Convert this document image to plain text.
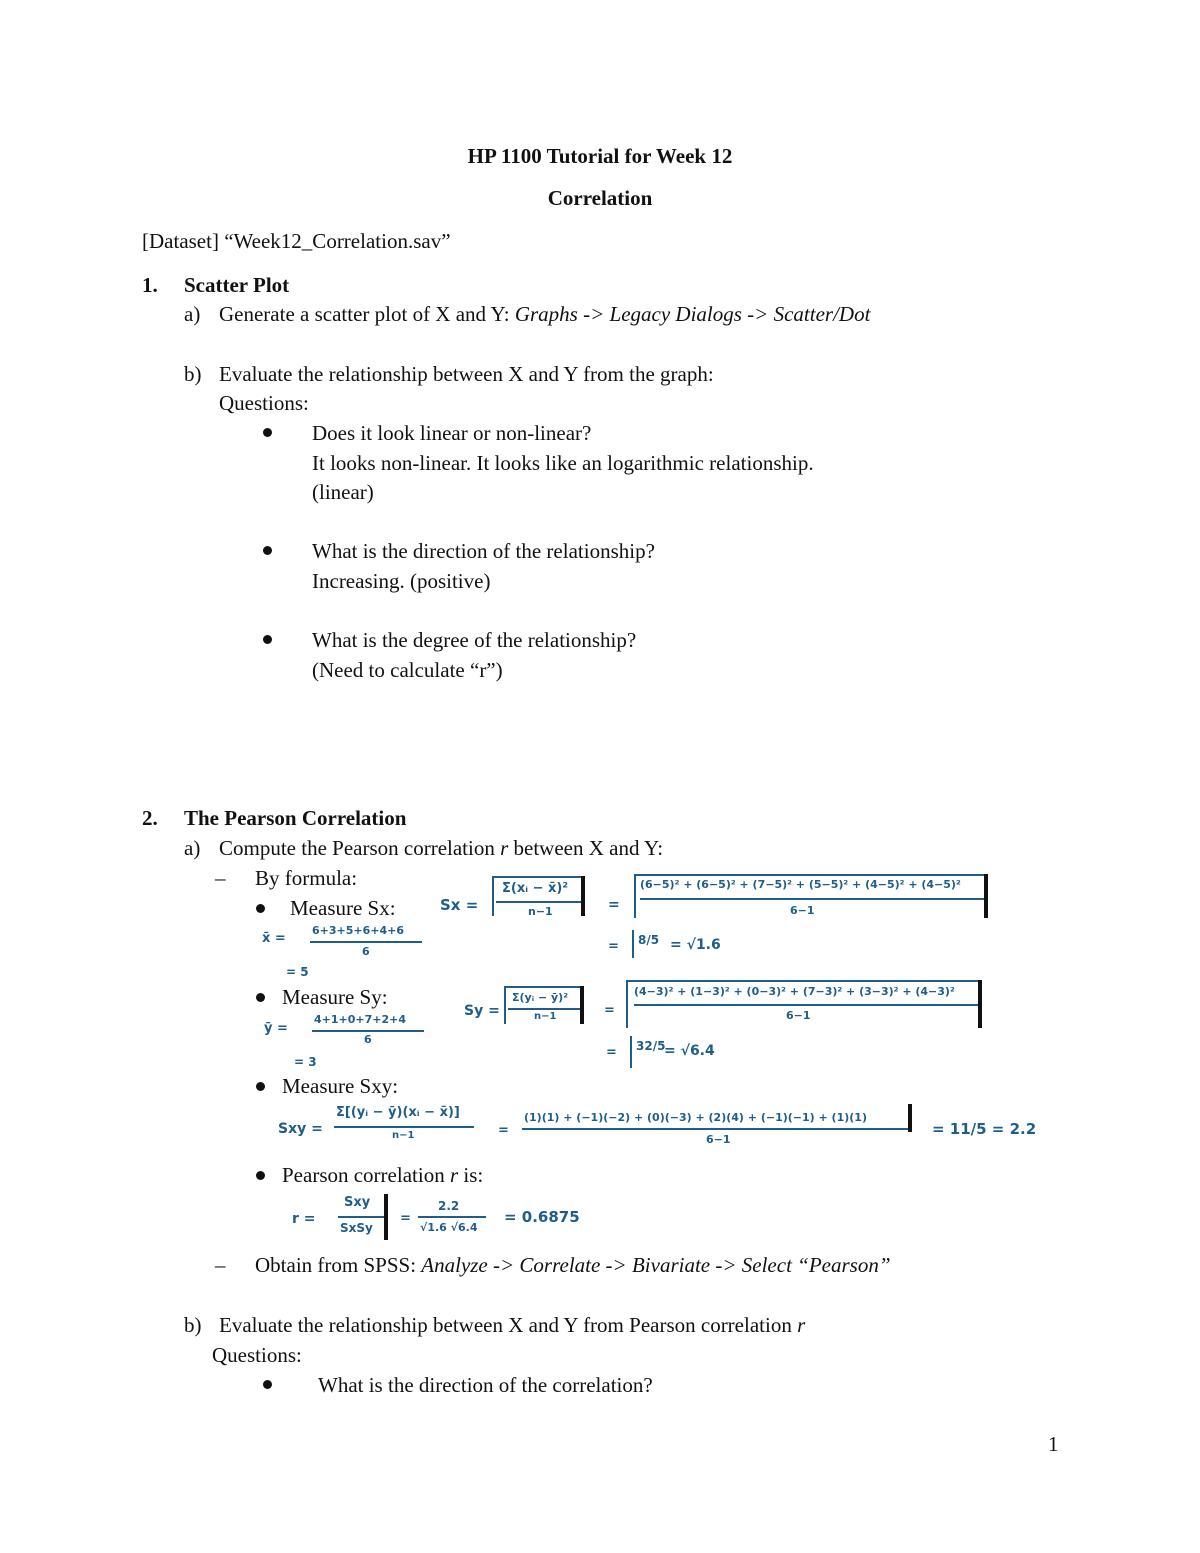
HP 1100 Tutorial for Week 12
Correlation
[Dataset] “Week12_Correlation.sav”
1. Scatter Plot
a) Generate a scatter plot of X and Y: Graphs -> Legacy Dialogs -> Scatter/Dot
b) Evaluate the relationship between X and Y from the graph:
Questions:
Does it look linear or non-linear?
It looks non-linear. It looks like an logarithmic relationship.
(linear)
What is the direction of the relationship?
Increasing. (positive)
What is the degree of the relationship?
(Need to calculate “r”)
2. The Pearson Correlation
a) Compute the Pearson correlation r between X and Y:
– By formula:
Measure Sx:	Sx =
Σ(xᵢ − x̄)²
n−1	=
(6−5)² + (6−5)² + (7−5)² + (5−5)² + (4−5)² + (4−5)²
6−1
= 8/5 = √1.6
x̄ =
6+3+5+6+4+6
6
= 5
Measure Sy:
Sy =
Σ(yᵢ − ȳ)²
n−1	=
(4−3)² + (1−3)² + (0−3)² + (7−3)² + (3−3)² + (4−3)²
6−1
= 32/5
= √6.4
ȳ =
4+1+0+7+2+4
6
= 3
Measure Sxy:
Sxy =
Σ[(yᵢ − ȳ)(xᵢ − x̄)]
n−1	=
(1)(1) + (−1)(−2) + (0)(−3) + (2)(4) + (−1)(−1) + (1)(1)
6−1
= 11/5 = 2.2
Pearson correlation r is:
r =
Sxy
SxSy
=
2.2
√1.6 √6.4
= 0.6875
– Obtain from SPSS: Analyze -> Correlate -> Bivariate -> Select “Pearson”
b) Evaluate the relationship between X and Y from Pearson correlation r
Questions:
What is the direction of the correlation?
1
